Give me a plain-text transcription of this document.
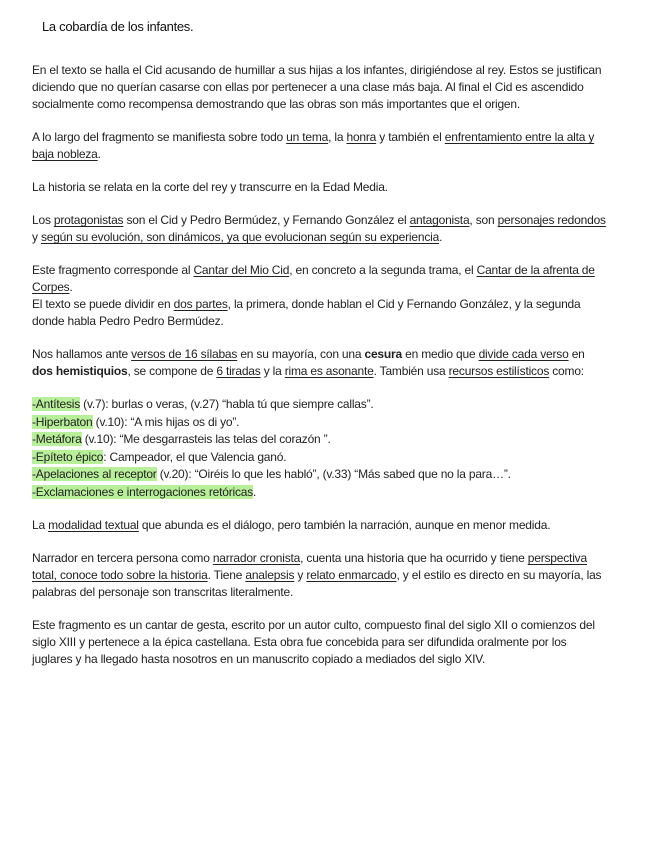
La cobardía de los infantes.

En el texto se halla el Cid acusando de humillar a sus hijas a los infantes, dirigiéndose al rey. Estos se justifican diciendo que no querían casarse con ellas por pertenecer a una clase más baja. Al final el Cid es ascendido socialmente como recompensa demostrando que las obras son más importantes que el origen.

A lo largo del fragmento se manifiesta sobre todo un tema, la honra y también el enfrentamiento entre la alta y baja nobleza.

La historia se relata en la corte del rey y transcurre en la Edad Media.

Los protagonistas son el Cid y Pedro Bermúdez, y Fernando González el antagonista, son personajes redondos y según su evolución, son dinámicos, ya que evolucionan según su experiencia.

Este fragmento corresponde al Cantar del Mio Cid, en concreto a la segunda trama, el Cantar de la afrenta de Corpes.
El texto se puede dividir en dos partes, la primera, donde hablan el Cid y Fernando González, y la segunda donde habla Pedro Pedro Bermúdez.

Nos hallamos ante versos de 16 sílabas en su mayoría, con una cesura en medio que divide cada verso en dos hemistiquios, se compone de 6 tiradas y la rima es asonante. También usa recursos estilísticos como:

-Antítesis (v.7): burlas o veras, (v.27) “habla tú que siempre callas”.
-Hiperbaton (v.10): “A mis hijas os di yo”.
-Metáfora (v.10): “Me desgarrasteis las telas del corazón ”.
-Epíteto épico: Campeador, el que Valencia ganó.
-Apelaciones al receptor (v.20): “Oiréis lo que les habló”, (v.33) “Más sabed que no la para…”.
-Exclamaciones e interrogaciones retóricas.

La modalidad textual que abunda es el diálogo, pero también la narración, aunque en menor medida.

Narrador en tercera persona como narrador cronista, cuenta una historia que ha ocurrido y tiene perspectiva total, conoce todo sobre la historia. Tiene analepsis y relato enmarcado, y el estilo es directo en su mayoría, las palabras del personaje son transcritas literalmente.

Este fragmento es un cantar de gesta, escrito por un autor culto, compuesto final del siglo XII o comienzos del siglo XIII y pertenece a la épica castellana. Esta obra fue concebida para ser difundida oralmente por los juglares y ha llegado hasta nosotros en un manuscrito copiado a mediados del siglo XIV.
